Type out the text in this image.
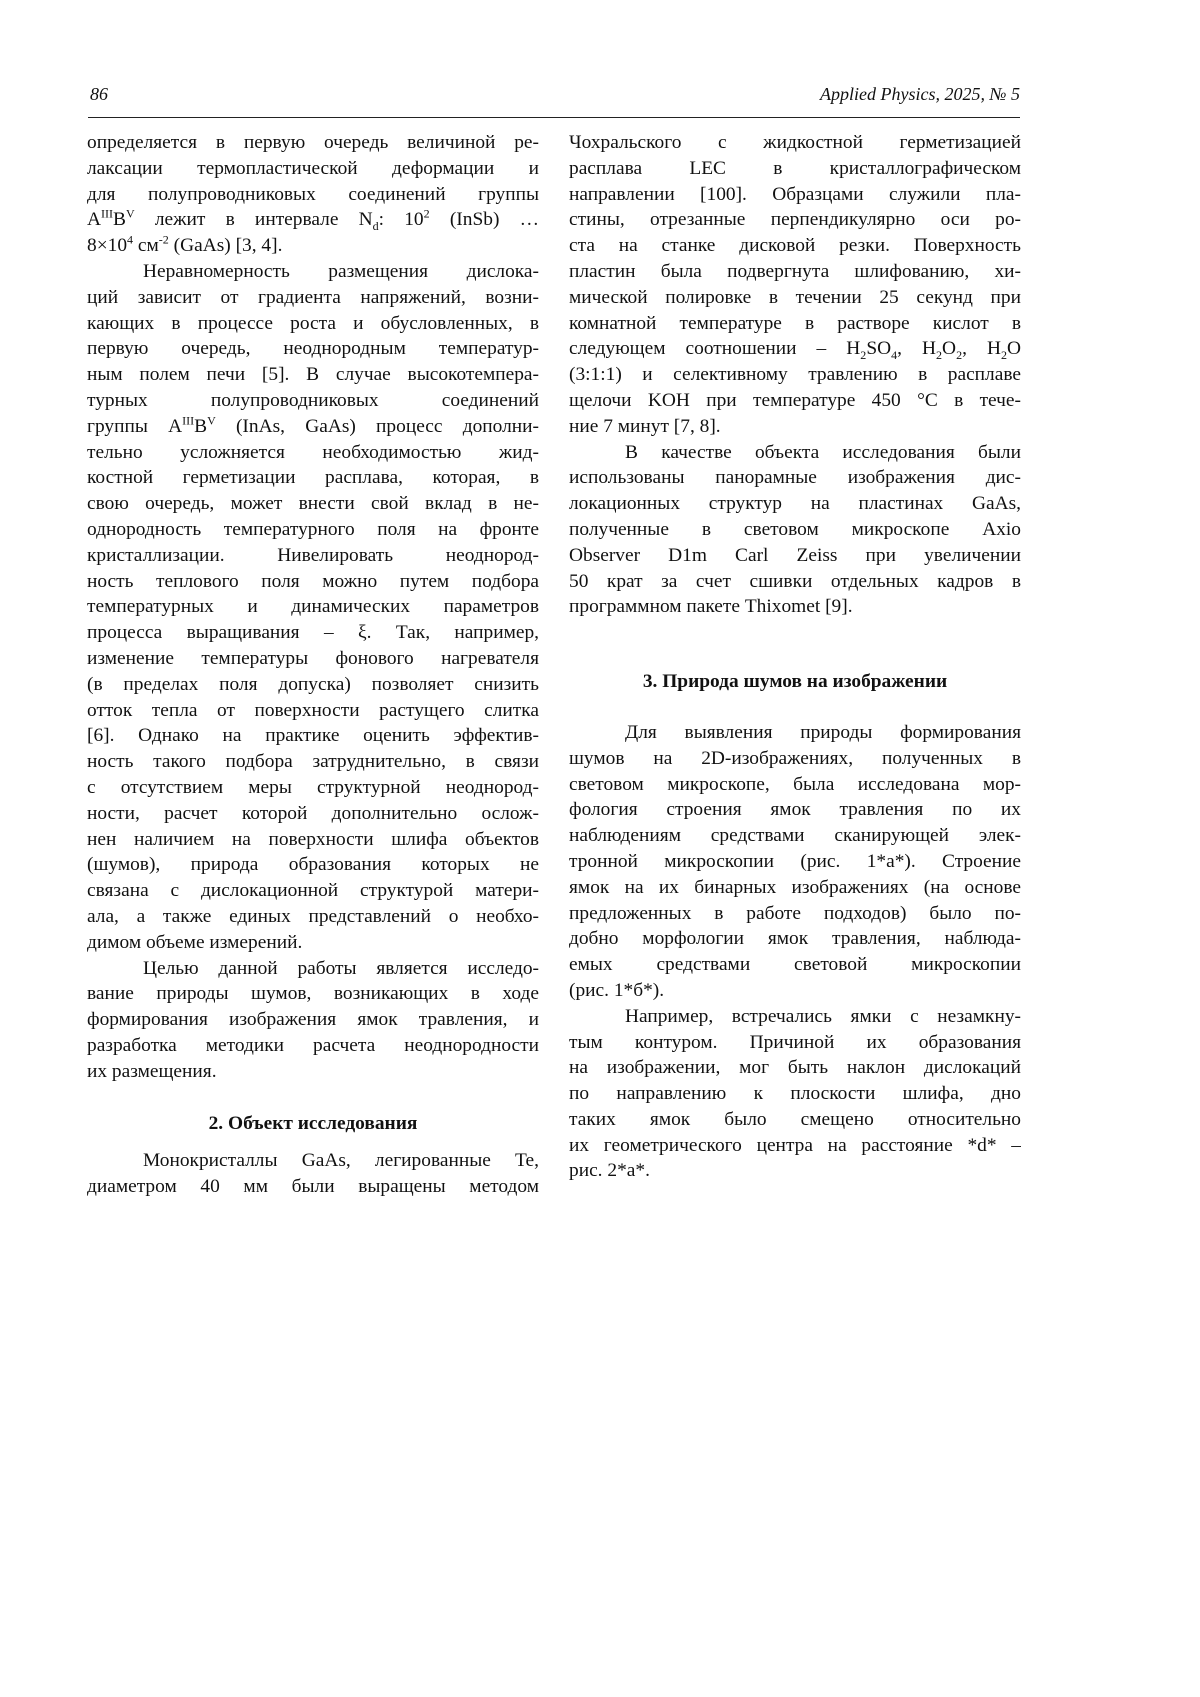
86	Applied Physics, 2025, № 5
определяется в первую очередь величиной ре-
лаксации термопластической деформации и
для полупроводниковых соединений группы
AIIIBV лежит в интервале Nd: 102 (InSb) …
8×104 см-2 (GaAs) [3, 4].
Неравномерность размещения дислока-
ций зависит от градиента напряжений, возни-
кающих в процессе роста и обусловленных, в
первую очередь, неоднородным температур-
ным полем печи [5]. В случае высокотемпера-
турных полупроводниковых соединений
группы AIIIBV (InAs, GaAs) процесс дополни-
тельно усложняется необходимостью жид-
костной герметизации расплава, которая, в
свою очередь, может внести свой вклад в не-
однородность температурного поля на фронте
кристаллизации. Нивелировать неоднород-
ность теплового поля можно путем подбора
температурных и динамических параметров
процесса выращивания – ξ. Так, например,
изменение температуры фонового нагревателя
(в пределах поля допуска) позволяет снизить
отток тепла от поверхности растущего слитка
[6]. Однако на практике оценить эффектив-
ность такого подбора затруднительно, в связи
с отсутствием меры структурной неоднород-
ности, расчет которой дополнительно ослож-
нен наличием на поверхности шлифа объектов
(шумов), природа образования которых не
связана с дислокационной структурой матери-
ала, а также единых представлений о необхо-
димом объеме измерений.
Целью данной работы является исследо-
вание природы шумов, возникающих в ходе
формирования изображения ямок травления, и
разработка методики расчета неоднородности
их размещения.
2. Объект исследования
Монокристаллы GaAs, легированные Te,
диаметром 40 мм были выращены методом
Чохральского с жидкостной герметизацией
расплава LEC в кристаллографическом
направлении [100]. Образцами служили пла-
стины, отрезанные перпендикулярно оси ро-
ста на станке дисковой резки. Поверхность
пластин была подвергнута шлифованию, хи-
мической полировке в течении 25 секунд при
комнатной температуре в растворе кислот в
следующем соотношении – H2SO4, H2O2, H2O
(3:1:1) и селективному травлению в расплаве
щелочи KOH при температуре 450 °C в тече-
ние 7 минут [7, 8].
В качестве объекта исследования были
использованы панорамные изображения дис-
локационных структур на пластинах GaAs,
полученные в световом микроскопе Axio
Observer D1m Carl Zeiss при увеличении
50 крат за счет сшивки отдельных кадров в
программном пакете Thixomet [9].
3. Природа шумов на изображении
Для выявления природы формирования
шумов на 2D-изображениях, полученных в
световом микроскопе, была исследована мор-
фология строения ямок травления по их
наблюдениям средствами сканирующей элек-
тронной микроскопии (рис. 1*а*). Строение
ямок на их бинарных изображениях (на основе
предложенных в работе подходов) было по-
добно морфологии ямок травления, наблюда-
емых средствами световой микроскопии
(рис. 1*б*).
Например, встречались ямки с незамкну-
тым контуром. Причиной их образования
на изображении, мог быть наклон дислокаций
по направлению к плоскости шлифа, дно
таких ямок было смещено относительно
их геометрического центра на расстояние *d* –
рис. 2*а*.
